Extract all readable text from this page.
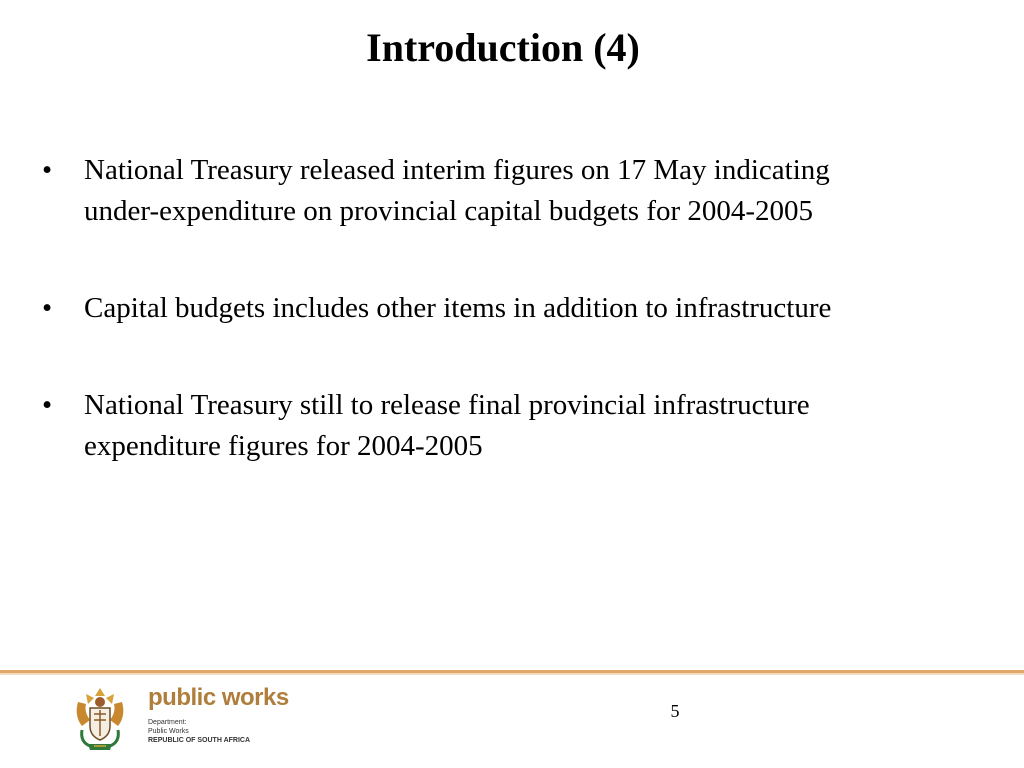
Introduction (4)
•	National Treasury released interim figures on 17 May indicating under-expenditure on provincial capital budgets for 2004-2005
•	Capital budgets includes other items in addition to infrastructure
•	National Treasury still to release final provincial infrastructure expenditure figures for 2004-2005
public works
Department:
Public Works
REPUBLIC OF SOUTH AFRICA
5
